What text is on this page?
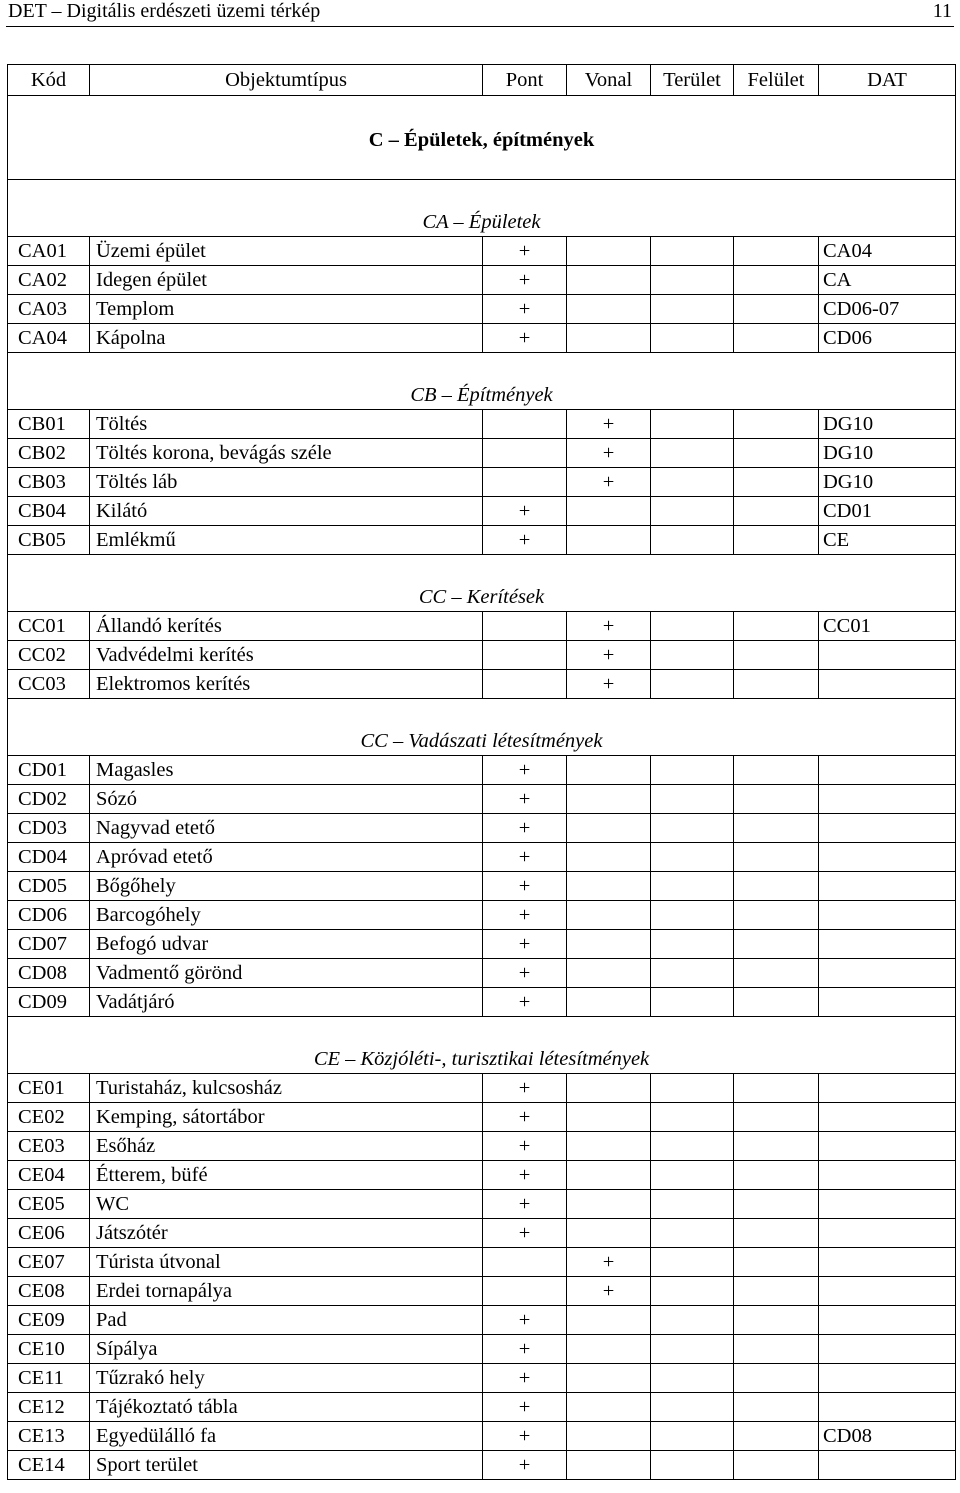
DET – Digitális erdészeti üzemi térkép	11
Kód	Objektumtípus	Pont	Vonal	Terület	Felület	DAT
C – Épületek, építmények						
CA – Épületek						
CA01	Üzemi épület	+				CA04
CA02	Idegen épület	+				CA
CA03	Templom	+				CD06-07
CA04	Kápolna	+				CD06
CB – Építmények						
CB01	Töltés		+			DG10
CB02	Töltés korona, bevágás széle		+			DG10
CB03	Töltés láb		+			DG10
CB04	Kilátó	+				CD01
CB05	Emlékmű	+				CE
CC – Kerítések						
CC01	Állandó kerítés		+			CC01
CC02	Vadvédelmi kerítés		+			
CC03	Elektromos kerítés		+			
CC – Vadászati létesítmények						
CD01	Magasles	+				
CD02	Sózó	+				
CD03	Nagyvad etető	+				
CD04	Apróvad etető	+				
CD05	Bőgőhely	+				
CD06	Barcogóhely	+				
CD07	Befogó udvar	+				
CD08	Vadmentő görönd	+				
CD09	Vadátjáró	+				
CE – Közjóléti-, turisztikai létesítmények						
CE01	Turistaház, kulcsosház	+				
CE02	Kemping, sátortábor	+				
CE03	Esőház	+				
CE04	Étterem, büfé	+				
CE05	WC	+				
CE06	Játszótér	+				
CE07	Túrista útvonal		+			
CE08	Erdei tornapálya		+			
CE09	Pad	+				
CE10	Sípálya	+				
CE11	Tűzrakó hely	+				
CE12	Tájékoztató tábla	+				
CE13	Egyedülálló fa	+				CD08
CE14	Sport terület	+				
